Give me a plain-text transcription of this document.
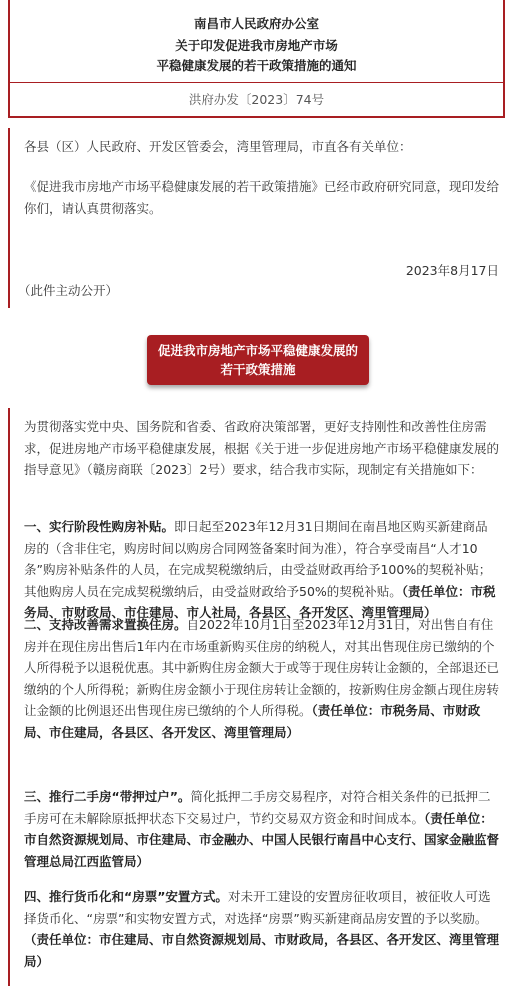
南昌市人民政府办公室
关于印发促进我市房地产市场
平稳健康发展的若干政策措施的通知
洪府办发〔2023〕74号

各县（区）人民政府、开发区管委会，湾里管理局，市直各有关单位：

《促进我市房地产市场平稳健康发展的若干政策措施》已经市政府研究同意，现印发给你们，请认真贯彻落实。

2023年8月17日

（此件主动公开）

促进我市房地产市场平稳健康发展的
若干政策措施

为贯彻落实党中央、国务院和省委、省政府决策部署，更好支持刚性和改善性住房需求，促进房地产市场平稳健康发展，根据《关于进一步促进房地产市场平稳健康发展的指导意见》（赣房商联〔2023〕2号）要求，结合我市实际，现制定有关措施如下：

一、实行阶段性购房补贴。即日起至2023年12月31日期间在南昌地区购买新建商品房的（含非住宅，购房时间以购房合同网签备案时间为准），符合享受南昌“人才10条”购房补贴条件的人员，在完成契税缴纳后，由受益财政再给予100%的契税补贴；其他购房人员在完成契税缴纳后，由受益财政给予50%的契税补贴。（责任单位：市税务局、市财政局、市住建局、市人社局，各县区、各开发区、湾里管理局）

二、支持改善需求置换住房。自2022年10月1日至2023年12月31日，对出售自有住房并在现住房出售后1年内在市场重新购买住房的纳税人，对其出售现住房已缴纳的个人所得税予以退税优惠。其中新购住房金额大于或等于现住房转让金额的，全部退还已缴纳的个人所得税；新购住房金额小于现住房转让金额的，按新购住房金额占现住房转让金额的比例退还出售现住房已缴纳的个人所得税。（责任单位：市税务局、市财政局、市住建局，各县区、各开发区、湾里管理局）

三、推行二手房“带押过户”。简化抵押二手房交易程序，对符合相关条件的已抵押二手房可在未解除原抵押状态下交易过户，节约交易双方资金和时间成本。（责任单位：市自然资源规划局、市住建局、市金融办、中国人民银行南昌中心支行、国家金融监督管理总局江西监管局）

四、推行货币化和“房票”安置方式。对未开工建设的安置房征收项目，被征收人可选择货币化、“房票”和实物安置方式，对选择“房票”购买新建商品房安置的予以奖励。（责任单位：市住建局、市自然资源规划局、市财政局，各县区、各开发区、湾里管理局）
